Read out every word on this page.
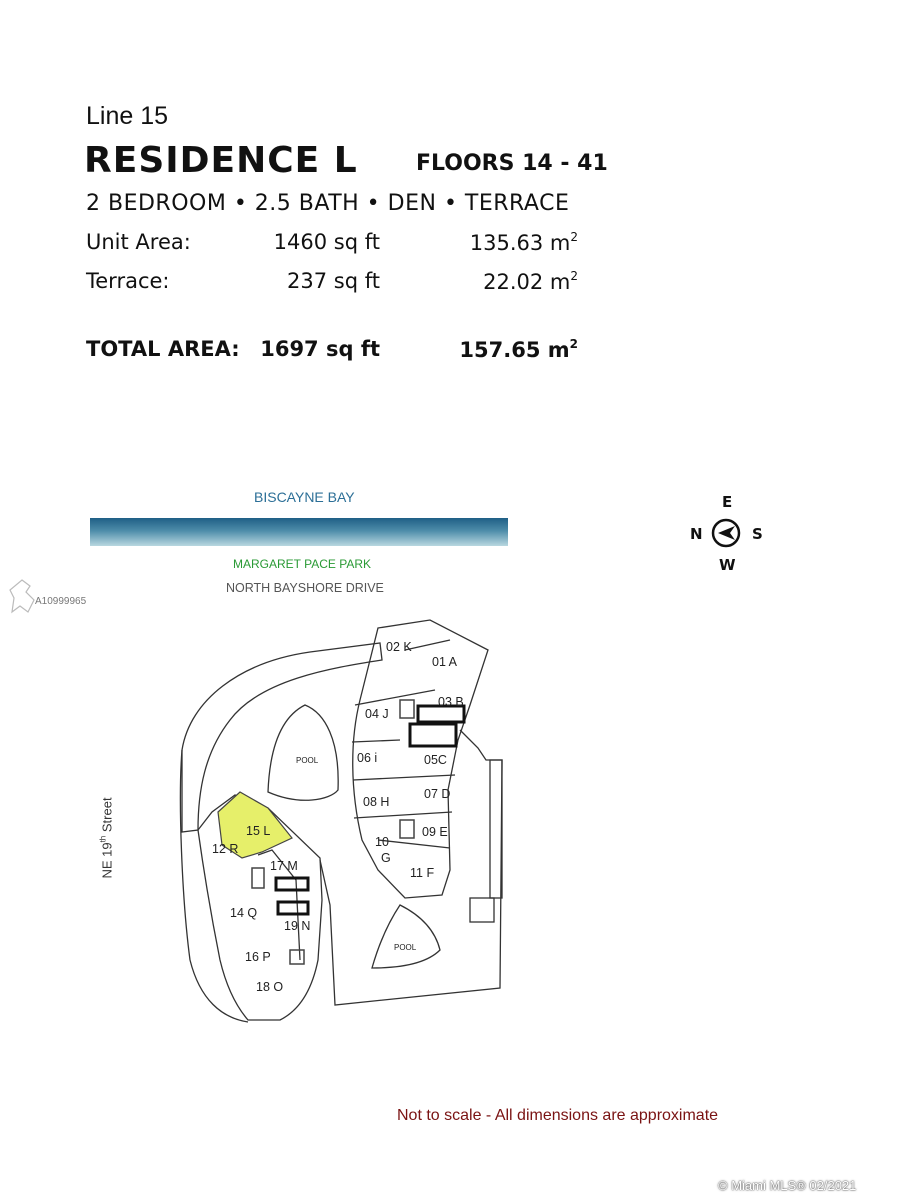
Line 15
RESIDENCE L	FLOORS 14 - 41
2 BEDROOM • 2.5 BATH • DEN • TERRACE
Unit Area:	1460 sq ft	135.63 $m^2$
Terrace:	237 sq ft	22.02 $m^2$
TOTAL AREA: 1697 sq ft	157.65 $m^2$
BISCAYNE BAY
MARGARET PACE PARK
NORTH BAYSHORE DRIVE
E
N	S
W
A10999965
NE 19th Street
02 K
01 A
03 B
04 J
06 i	05C
07 D
08 H
09 E
10
G
11 F
15 L
12 R
17 M
14 Q
19 N
16 P
18 O
POOL
POOL
Not to scale - All dimensions are approximate
© Miami MLS® 02/2021
